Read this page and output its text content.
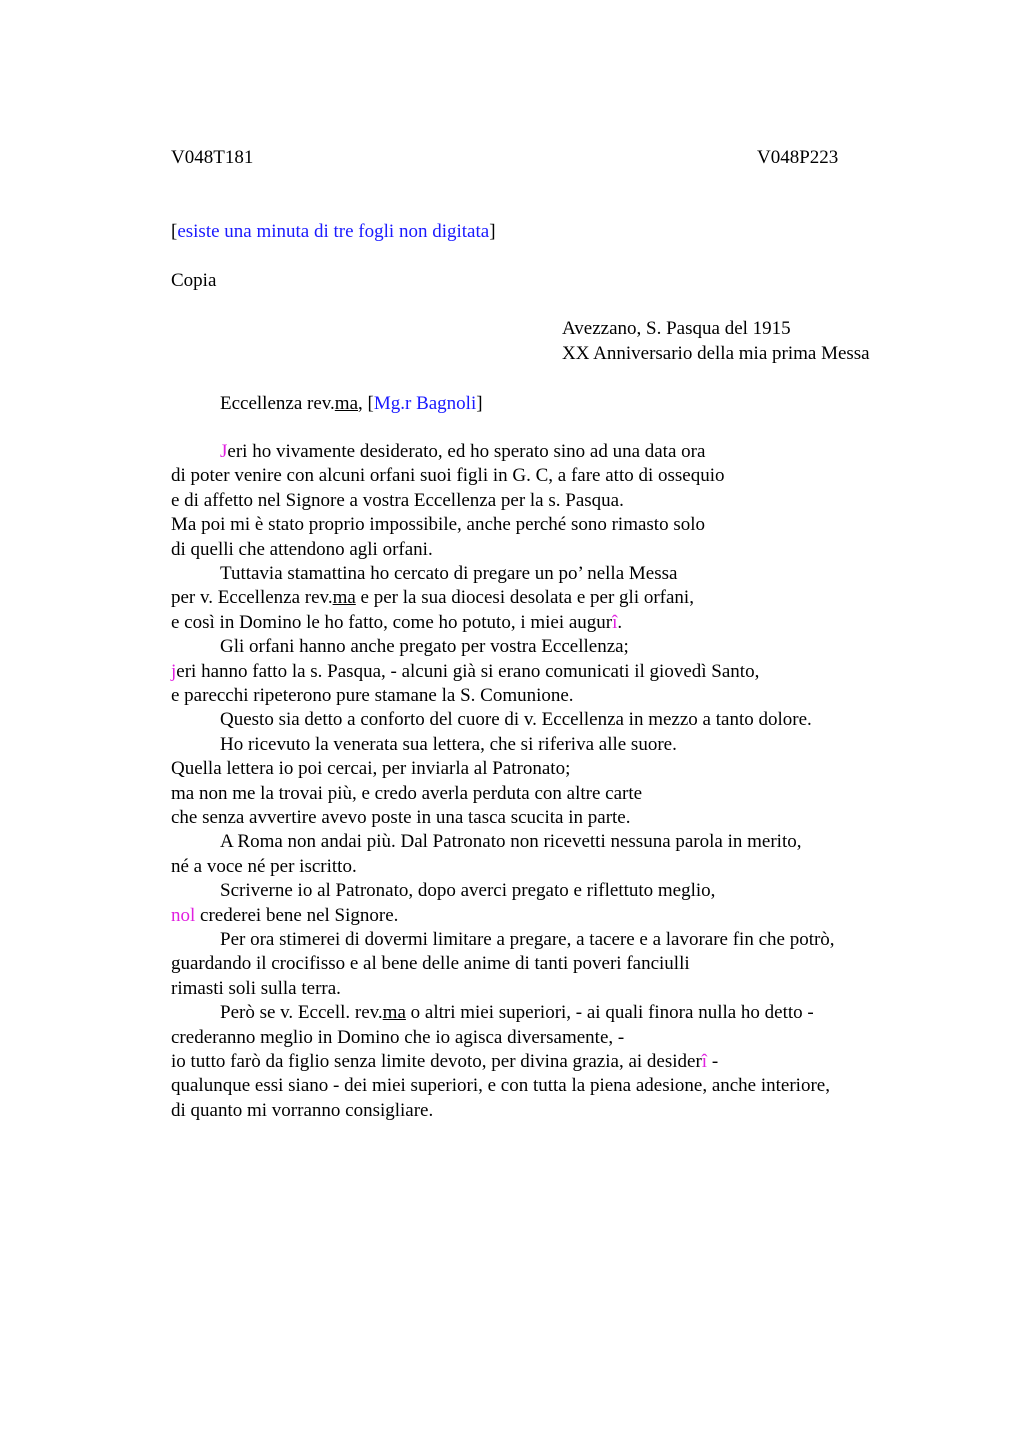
V048T181	V048P223
[esiste una minuta di tre fogli non digitata]
Copia
Avezzano, S. Pasqua del 1915
XX Anniversario della mia prima Messa
Eccellenza rev.ma, [Mg.r Bagnoli]
Jeri ho vivamente desiderato, ed ho sperato sino ad una data ora
di poter venire con alcuni orfani suoi figli in G. C, a fare atto di ossequio
e di affetto nel Signore a vostra Eccellenza per la s. Pasqua.
Ma poi mi è stato proprio impossibile, anche perché sono rimasto solo
di quelli che attendono agli orfani.
Tuttavia stamattina ho cercato di pregare un po’ nella Messa
per v. Eccellenza rev.ma e per la sua diocesi desolata e per gli orfani,
e così in Domino le ho fatto, come ho potuto, i miei augurî.
Gli orfani hanno anche pregato per vostra Eccellenza;
jeri hanno fatto la s. Pasqua, - alcuni già si erano comunicati il giovedì Santo,
e parecchi ripeterono pure stamane la S. Comunione.
Questo sia detto a conforto del cuore di v. Eccellenza in mezzo a tanto dolore.
Ho ricevuto la venerata sua lettera, che si riferiva alle suore.
Quella lettera io poi cercai, per inviarla al Patronato;
ma non me la trovai più, e credo averla perduta con altre carte
che senza avvertire avevo poste in una tasca scucita in parte.
A Roma non andai più. Dal Patronato non ricevetti nessuna parola in merito,
né a voce né per iscritto.
Scriverne io al Patronato, dopo averci pregato e riflettuto meglio,
nol crederei bene nel Signore.
Per ora stimerei di dovermi limitare a pregare, a tacere e a lavorare fin che potrò,
guardando il crocifisso e al bene delle anime di tanti poveri fanciulli
rimasti soli sulla terra.
Però se v. Eccell. rev.ma o altri miei superiori, - ai quali finora nulla ho detto -
crederanno meglio in Domino che io agisca diversamente, -
io tutto farò da figlio senza limite devoto, per divina grazia, ai desiderî -
qualunque essi siano - dei miei superiori, e con tutta la piena adesione, anche interiore,
di quanto mi vorranno consigliare.
